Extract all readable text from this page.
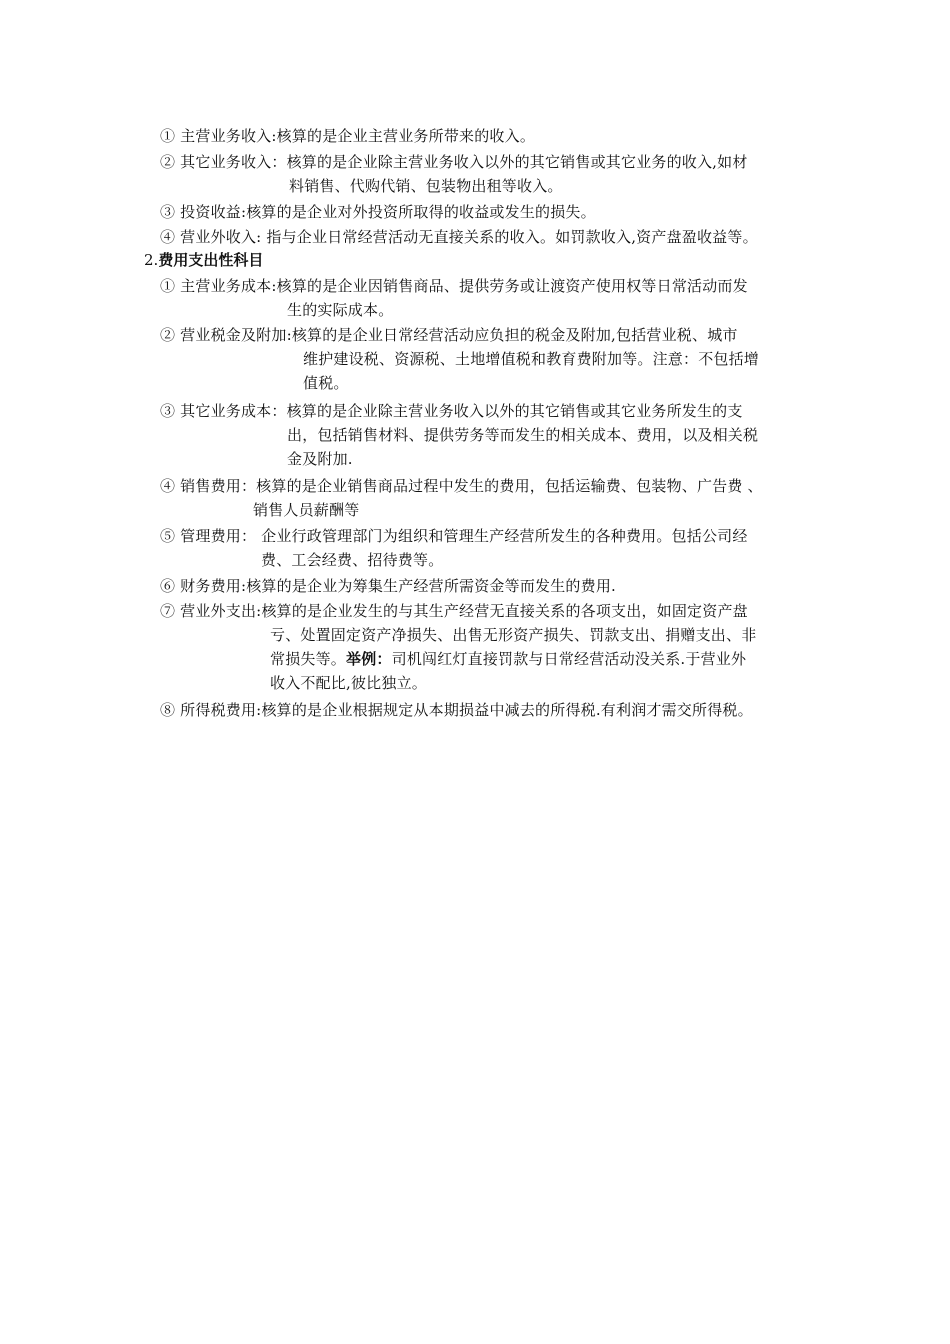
① 主营业务收入:核算的是企业主营业务所带来的收入。
② 其它业务收入：核算的是企业除主营业务收入以外的其它销售或其它业务的收入,如材
料销售、代购代销、包装物出租等收入。
③ 投资收益:核算的是企业对外投资所取得的收益或发生的损失。
④ 营业外收入: 指与企业日常经营活动无直接关系的收入。如罚款收入,资产盘盈收益等。
2.费用支出性科目
① 主营业务成本:核算的是企业因销售商品、提供劳务或让渡资产使用权等日常活动而发
生的实际成本。
② 营业税金及附加:核算的是企业日常经营活动应负担的税金及附加,包括营业税、城市
维护建设税、资源税、土地增值税和教育费附加等。注意：不包括增
值税。
③ 其它业务成本：核算的是企业除主营业务收入以外的其它销售或其它业务所发生的支
出，包括销售材料、提供劳务等而发生的相关成本、费用，以及相关税
金及附加.
④ 销售费用：核算的是企业销售商品过程中发生的费用，包括运输费、包装物、广告费 、
销售人员薪酬等
⑤ 管理费用： 企业行政管理部门为组织和管理生产经营所发生的各种费用。包括公司经
费、工会经费、招待费等。
⑥ 财务费用:核算的是企业为筹集生产经营所需资金等而发生的费用.
⑦ 营业外支出:核算的是企业发生的与其生产经营无直接关系的各项支出，如固定资产盘
亏、处置固定资产净损失、出售无形资产损失、罚款支出、捐赠支出、非
常损失等。举例：司机闯红灯直接罚款与日常经营活动没关系.于营业外
收入不配比,彼比独立。
⑧ 所得税费用:核算的是企业根据规定从本期损益中减去的所得税.有利润才需交所得税。
